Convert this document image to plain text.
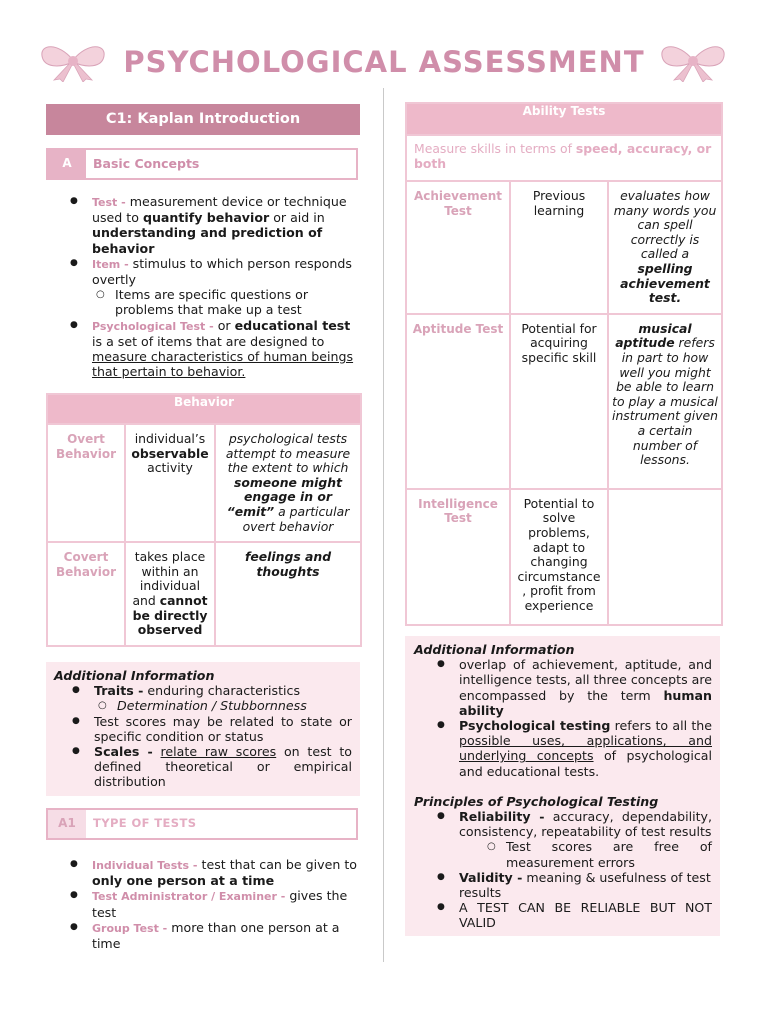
PSYCHOLOGICAL ASSESSMENT
C1: Kaplan Introduction
A	Basic Concepts
● Test - measurement device or technique used to quantify behavior or aid in understanding and prediction of behavior
● Item - stimulus to which person responds overtly
○ Items are specific questions or problems that make up a test
● Psychological Test - or educational test is a set of items that are designed to measure characteristics of human beings that pertain to behavior.
Behavior		
Overt Behavior	individual’s observable activity	psychological tests attempt to measure the extent to which someone might engage in or “emit” a particular overt behavior
Covert Behavior	takes place within an individual and cannot be directly observed	feelings and thoughts
Additional Information
● Traits - enduring characteristics
○ Determination / Stubbornness
● Test scores may be related to state or specific condition or status
● Scales - relate raw scores on test to defined theoretical or empirical distribution
A1	TYPE OF TESTS
● Individual Tests - test that can be given to only one person at a time
● Test Administrator / Examiner - gives the test
● Group Test - more than one person at a time
Ability Tests		
Measure skills in terms of speed, accuracy, or both		
Achievement Test	Previous learning	evaluates how many words you can spell correctly is called a spelling achievement test.
Aptitude Test	Potential for acquiring specific skill	musical aptitude refers in part to how well you might be able to learn to play a musical instrument given a certain number of lessons.
Intelligence Test	Potential to solve problems, adapt to changing circumstance , profit from experience	
Additional Information
● overlap of achievement, aptitude, and intelligence tests, all three concepts are encompassed by the term human ability
● Psychological testing refers to all the possible uses, applications, and underlying concepts of psychological and educational tests.
Principles of Psychological Testing
● Reliability - accuracy, dependability, consistency, repeatability of test results
○ Test scores are free of measurement errors
● Validity - meaning & usefulness of test results
● A TEST CAN BE RELIABLE BUT NOT VALID
